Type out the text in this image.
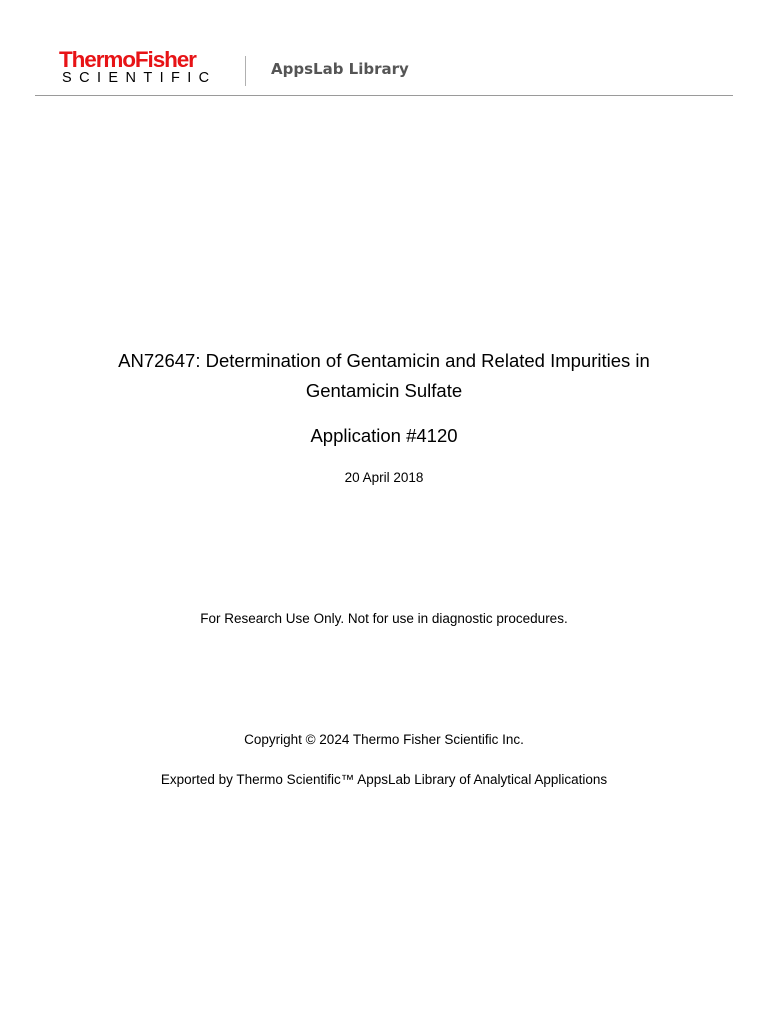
ThermoFisher
SCIENTIFIC	AppsLab Library
AN72647: Determination of Gentamicin and Related Impurities in
Gentamicin Sulfate
Application #4120
20 April 2018
For Research Use Only. Not for use in diagnostic procedures.
Copyright © 2024 Thermo Fisher Scientific Inc.
Exported by Thermo Scientific™ AppsLab Library of Analytical Applications
